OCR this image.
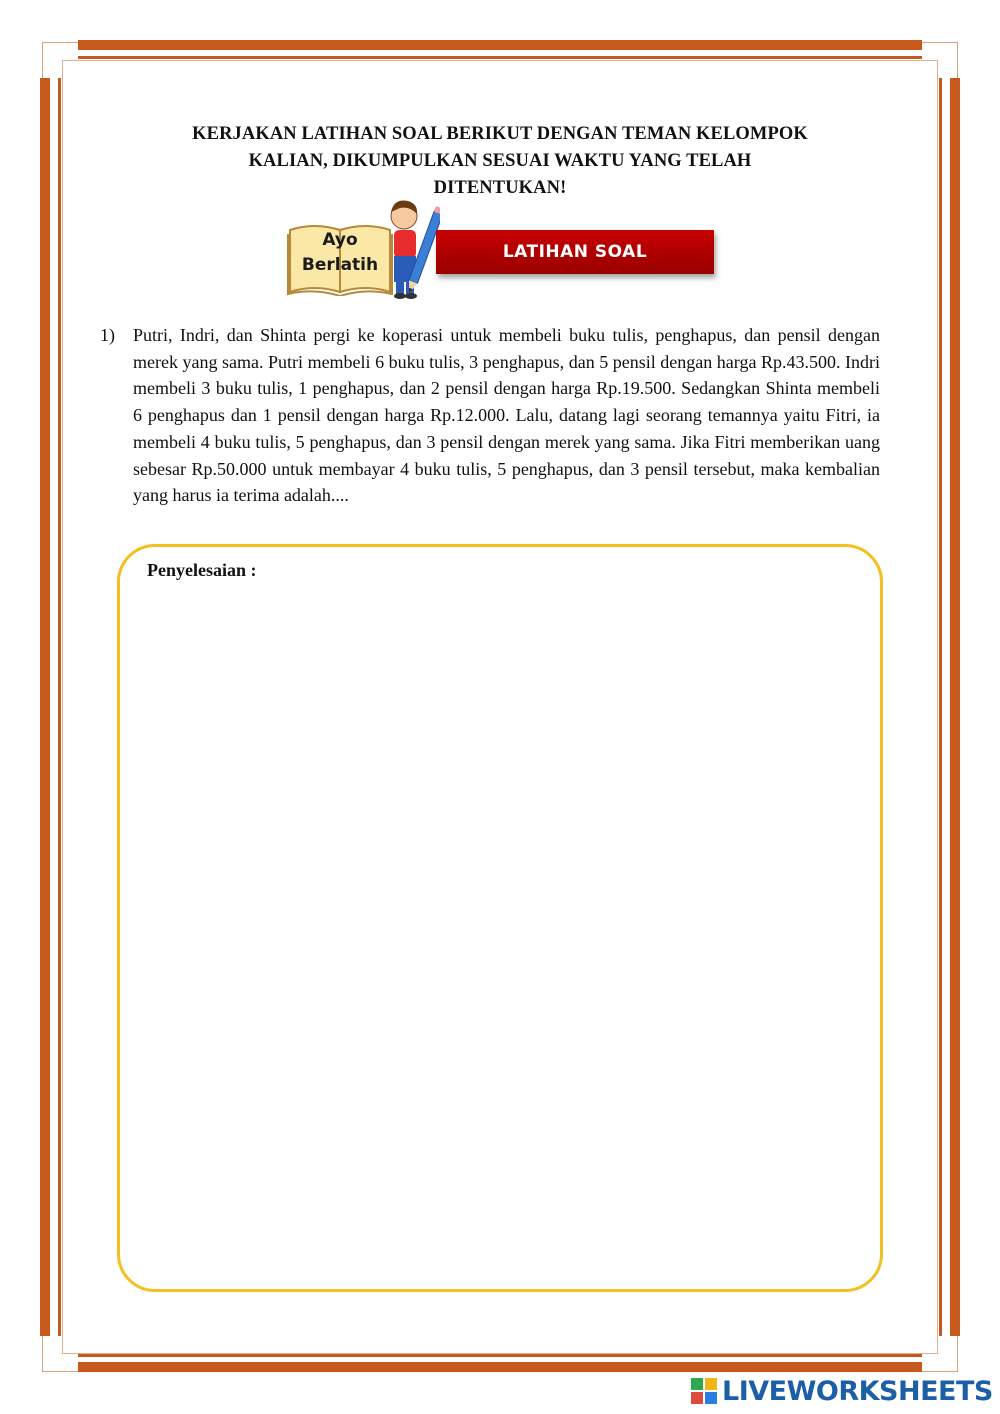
KERJAKAN LATIHAN SOAL BERIKUT DENGAN TEMAN KELOMPOK
KALIAN, DIKUMPULKAN SESUAI WAKTU YANG TELAH
DITENTUKAN!
Ayo
Berlatih
LATIHAN SOAL
1) Putri, Indri, dan Shinta pergi ke koperasi untuk membeli buku tulis, penghapus, dan pensil dengan merek yang sama. Putri membeli 6 buku tulis, 3 penghapus, dan 5 pensil dengan harga Rp.43.500. Indri membeli 3 buku tulis, 1 penghapus, dan 2 pensil dengan harga Rp.19.500. Sedangkan Shinta membeli 6 penghapus dan 1 pensil dengan harga Rp.12.000. Lalu, datang lagi seorang temannya yaitu Fitri, ia membeli 4 buku tulis, 5 penghapus, dan 3 pensil dengan merek yang sama. Jika Fitri memberikan uang sebesar Rp.50.000 untuk membayar 4 buku tulis, 5 penghapus, dan 3 pensil tersebut, maka kembalian yang harus ia terima adalah....
Penyelesaian :
LIVEWORKSHEETS
